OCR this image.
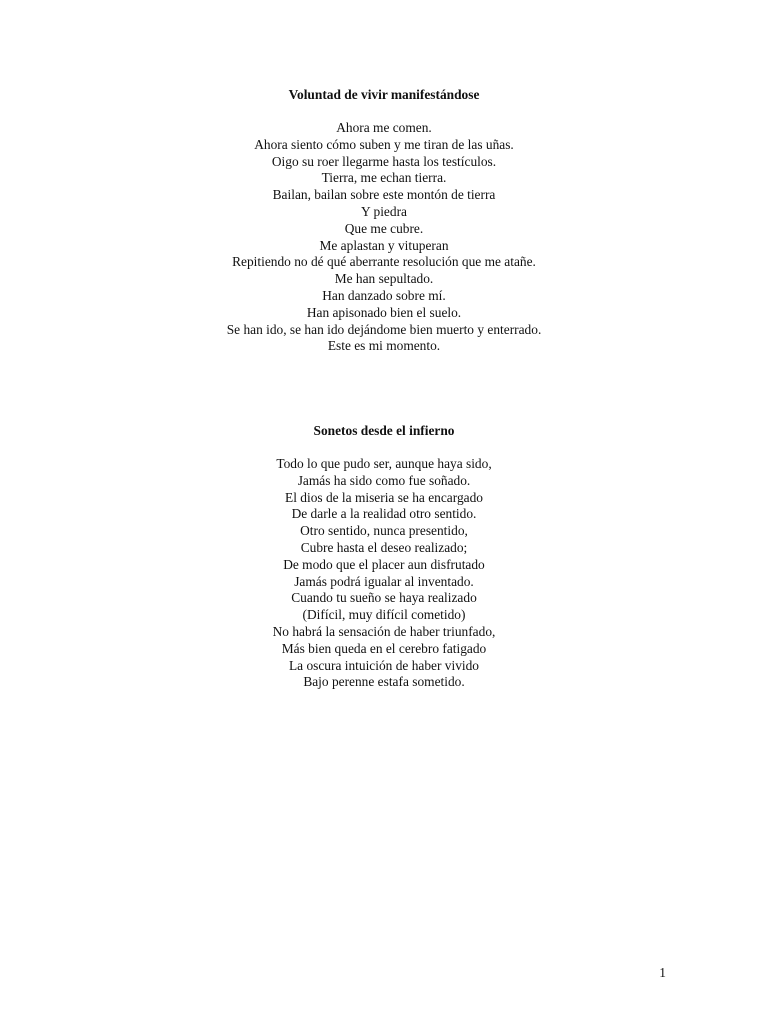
Voluntad de vivir manifestándose

Ahora me comen.
Ahora siento cómo suben y me tiran de las uñas.
Oigo su roer llegarme hasta los testículos.
Tierra, me echan tierra.
Bailan, bailan sobre este montón de tierra
Y piedra
Que me cubre.
Me aplastan y vituperan
Repitiendo no dé qué aberrante resolución que me atañe.
Me han sepultado.
Han danzado sobre mí.
Han apisonado bien el suelo.
Se han ido, se han ido dejándome bien muerto y enterrado.
Este es mi momento.

Sonetos desde el infierno

Todo lo que pudo ser, aunque haya sido,
Jamás ha sido como fue soñado.
El dios de la miseria se ha encargado
De darle a la realidad otro sentido.
Otro sentido, nunca presentido,
Cubre hasta el deseo realizado;
De modo que el placer aun disfrutado
Jamás podrá igualar al inventado.
Cuando tu sueño se haya realizado
(Difícil, muy difícil cometido)
No habrá la sensación de haber triunfado,
Más bien queda en el cerebro fatigado
La oscura intuición de haber vivido
Bajo perenne estafa sometido.
1
